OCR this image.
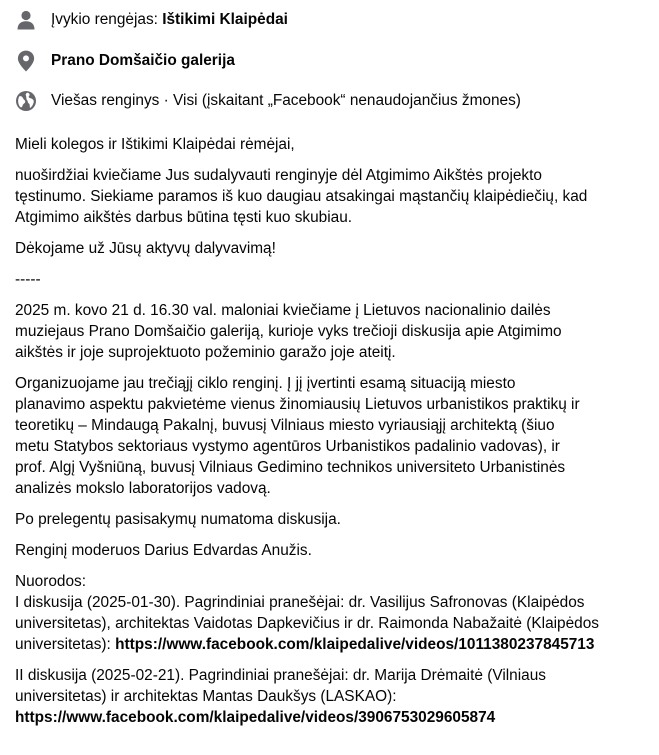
Įvykio rengėjas: Ištikimi Klaipėdai
Prano Domšaičio galerija
Viešas renginys · Visi (įskaitant „Facebook“ nenaudojančius žmones)
Mieli kolegos ir Ištikimi Klaipėdai rėmėjai,
nuoširdžiai kviečiame Jus sudalyvauti renginyje dėl Atgimimo Aikštės projekto
tęstinumo. Siekiame paramos iš kuo daugiau atsakingai mąstančių klaipėdiečių, kad
Atgimimo aikštės darbus būtina tęsti kuo skubiau.
Dėkojame už Jūsų aktyvų dalyvavimą!
-----
2025 m. kovo 21 d. 16.30 val. maloniai kviečiame į Lietuvos nacionalinio dailės
muziejaus Prano Domšaičio galeriją, kurioje vyks trečioji diskusija apie Atgimimo
aikštės ir joje suprojektuoto požeminio garažo joje ateitį.
Organizuojame jau trečiąjį ciklo renginį. Į jį įvertinti esamą situaciją miesto
planavimo aspektu pakvietėme vienus žinomiausių Lietuvos urbanistikos praktikų ir
teoretikų – Mindaugą Pakalnį, buvusį Vilniaus miesto vyriausiąjį architektą (šiuo
metu Statybos sektoriaus vystymo agentūros Urbanistikos padalinio vadovas), ir
prof. Algį Vyšniūną, buvusį Vilniaus Gedimino technikos universiteto Urbanistinės
analizės mokslo laboratorijos vadovą.
Po prelegentų pasisakymų numatoma diskusija.
Renginį moderuos Darius Edvardas Anužis.
Nuorodos:
I diskusija (2025-01-30). Pagrindiniai pranešėjai: dr. Vasilijus Safronovas (Klaipėdos
universitetas), architektas Vaidotas Dapkevičius ir dr. Raimonda Nabažaitė (Klaipėdos
universitetas): https://www.facebook.com/klaipedalive/videos/1011380237845713
II diskusija (2025-02-21). Pagrindiniai pranešėjai: dr. Marija Drėmaitė (Vilniaus
universitetas) ir architektas Mantas Daukšys (LASKAO):
https://www.facebook.com/klaipedalive/videos/3906753029605874
